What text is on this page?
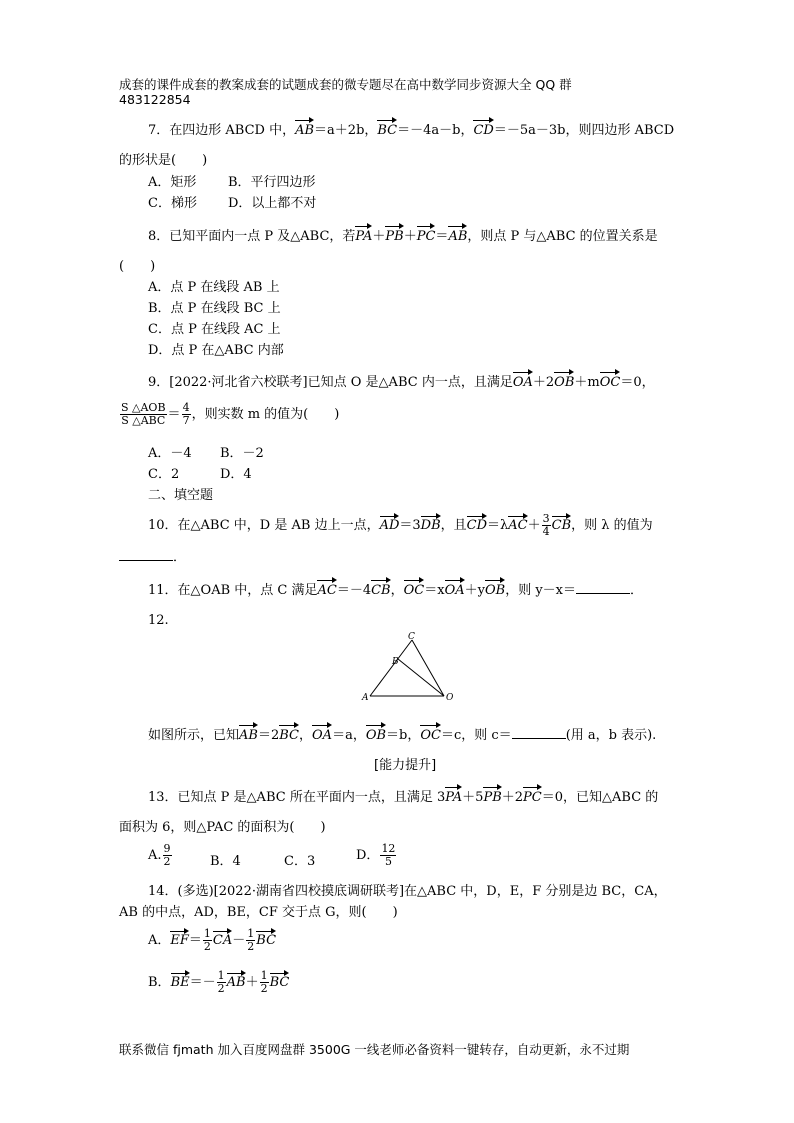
成套的课件成套的教案成套的试题成套的微专题尽在高中数学同步资源大全 QQ 群
483122854
7．在四边形 ABCD 中，AB＝a＋2b，BC＝－4a－b，CD＝－5a－3b，则四边形 ABCD
的形状是(　　)
A．矩形 B．平行四边形
C．梯形 D．以上都不对
8．已知平面内一点 P 及△ABC，若PA＋PB＋PC＝AB，则点 P 与△ABC 的位置关系是
(　　)
A．点 P 在线段 AB 上
B．点 P 在线段 BC 上
C．点 P 在线段 AC 上
D．点 P 在△ABC 内部
9．[2022·河北省六校联考]已知点 O 是△ABC 内一点，且满足OA＋2OB＋mOC＝0，
$\frac{\text{S △AOB}}{\text{S △ABC}} = \frac{4}{7}$ ，则实数 m 的值为(　　)
A．－4 B．－2
C．2	D．4
二、填空题
10．在△ABC 中，D 是 AB 边上一点，AD＝3DB，且$CD=\lambda AC+ \frac{3}{4}$ CB，则 λ 的值为
．
11．在△OAB 中，点 C 满足AC＝－4CB，OC＝xOA＋yOB，则 y－x＝	．
12.
A
B
C
O
如图所示，已知AB＝2BC，OA＝a，OB＝b，OC＝c，则 c＝	(用 a，b 表示).
[能力提升]
13．已知点 P 是△ABC 所在平面内一点，且满足 3PA＋5PB＋2PC＝0，已知△ABC 的
面积为 6，则△PAC 的面积为(　　)
A. $\frac{9}{2}$	B．4	C．3	D． $\frac{12}{5}$
14．(多选)[2022·湖南省四校摸底调研联考]在△ABC 中，D，E，F 分别是边 BC，CA，
AB 的中点，AD，BE，CF 交于点 G，则(　　)
A．$EF= \frac{1}{2} CA- \frac{1}{2}$ BC
B．$BE=- \frac{1}{2} AB+ \frac{1}{2}$ BC
联系微信 fjmath 加入百度网盘群 3500G 一线老师必备资料一键转存，自动更新，永不过期
